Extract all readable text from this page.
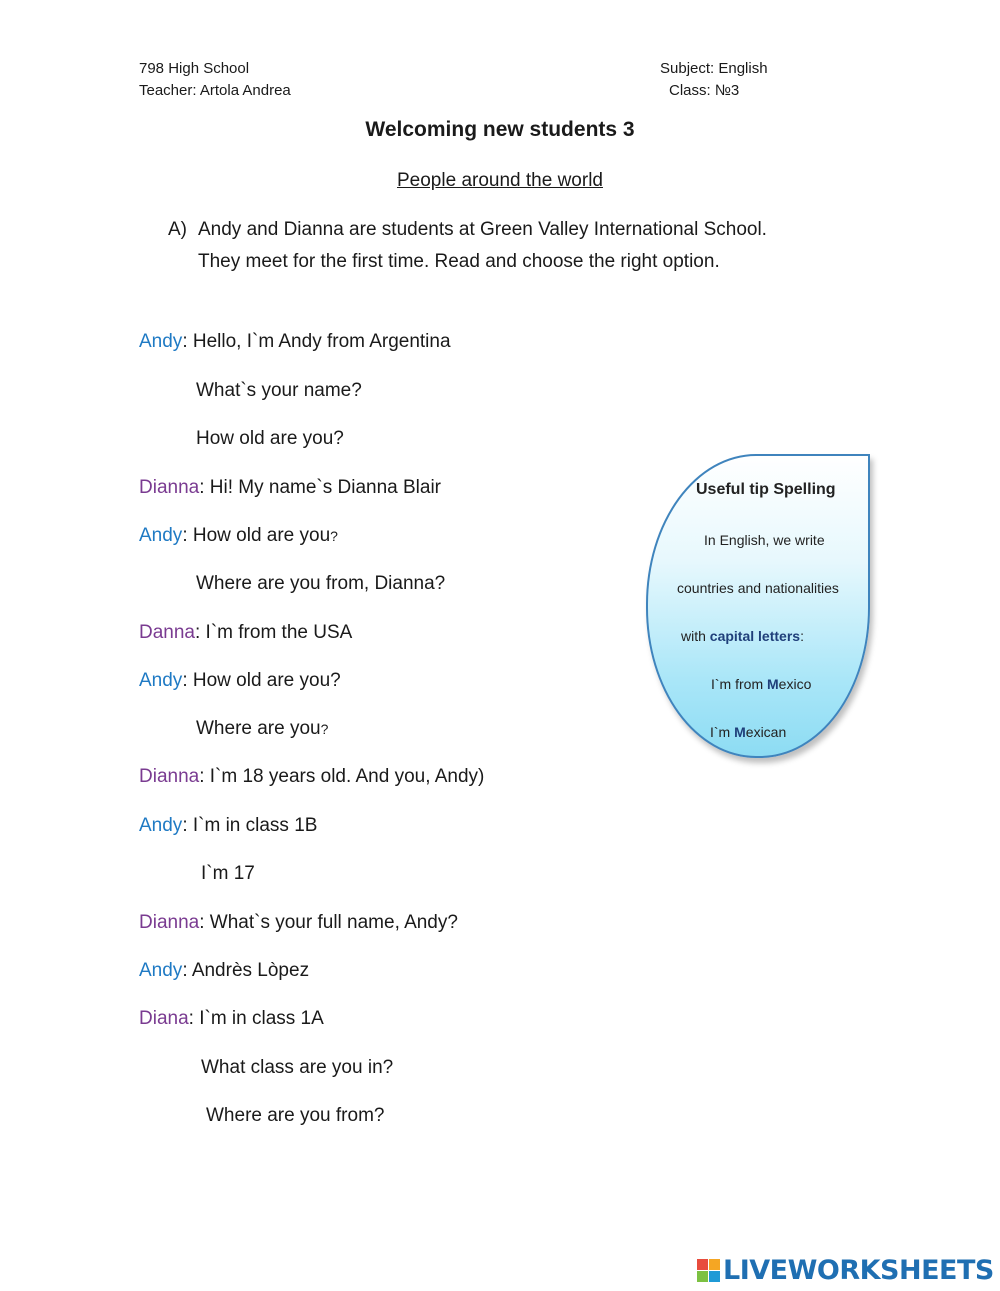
798 High School
Teacher: Artola Andrea
Subject: English
Class: №3
Welcoming new students 3
People around the world
A) Andy and Dianna are students at Green Valley International School.
They meet for the first time. Read and choose the right option.
Andy: Hello, I`m Andy from Argentina
What`s your name?
How old are you?
Dianna: Hi! My name`s Dianna Blair
Andy: How old are you?
Where are you from, Dianna?
Danna: I`m from the USA
Andy: How old are you?
Where are you?
Dianna: I`m 18 years old. And you, Andy)
Andy: I`m in class 1B
I`m 17
Dianna: What`s your full name, Andy?
Andy: Andrès Lòpez
Diana: I`m in class 1A
What class are you in?
Where are you from?
Useful tip Spelling
In English, we write
countries and nationalities
with capital letters:
I`m from Mexico
I`m Mexican
LIVEWORKSHEETS
